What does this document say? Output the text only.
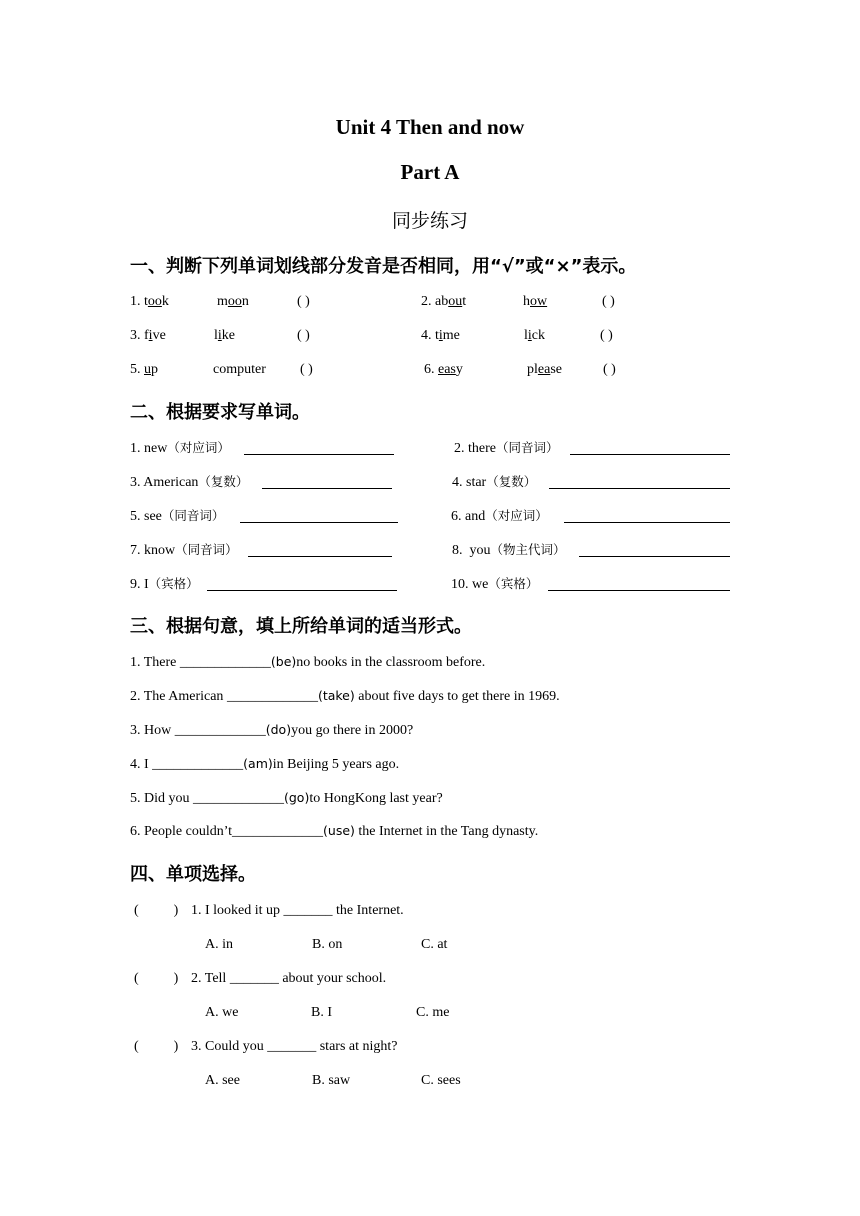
Unit 4 Then and now
Part A
同步练习
一、判断下列单词划线部分发音是否相同，用“√”或“×”表示。
1. took	moon	( )	2. about	how	( )
3. five	like	( )	4. time	lick	( )
5. up	computer ( )	6. easy	please	( )
二、根据要求写单词。
1. new（对应词）	2. there（同音词）
3. American（复数）	4. star（复数）
5. see（同音词）	6. and（对应词）
7. know（同音词）	8.  you（物主代词）
9. I（宾格）	10. we（宾格）
三、根据句意，填上所给单词的适当形式。
1. There _____________(be)no books in the classroom before.
2. The American _____________(take) about five days to get there in 1969.
3. How _____________(do)you go there in 2000?
4. I _____________(am)in Beijing 5 years ago.
5. Did you _____________(go)to HongKong last year?
6. People couldn’t_____________(use) the Internet in the Tang dynasty.
四、单项选择。
(          ) 1. I looked it up _______ the Internet.
A. in	B. on	C. at
(          ) 2. Tell _______ about your school.
A. we	B. I	C. me
(          ) 3. Could you _______ stars at night?
A. see	B. saw	C. sees
